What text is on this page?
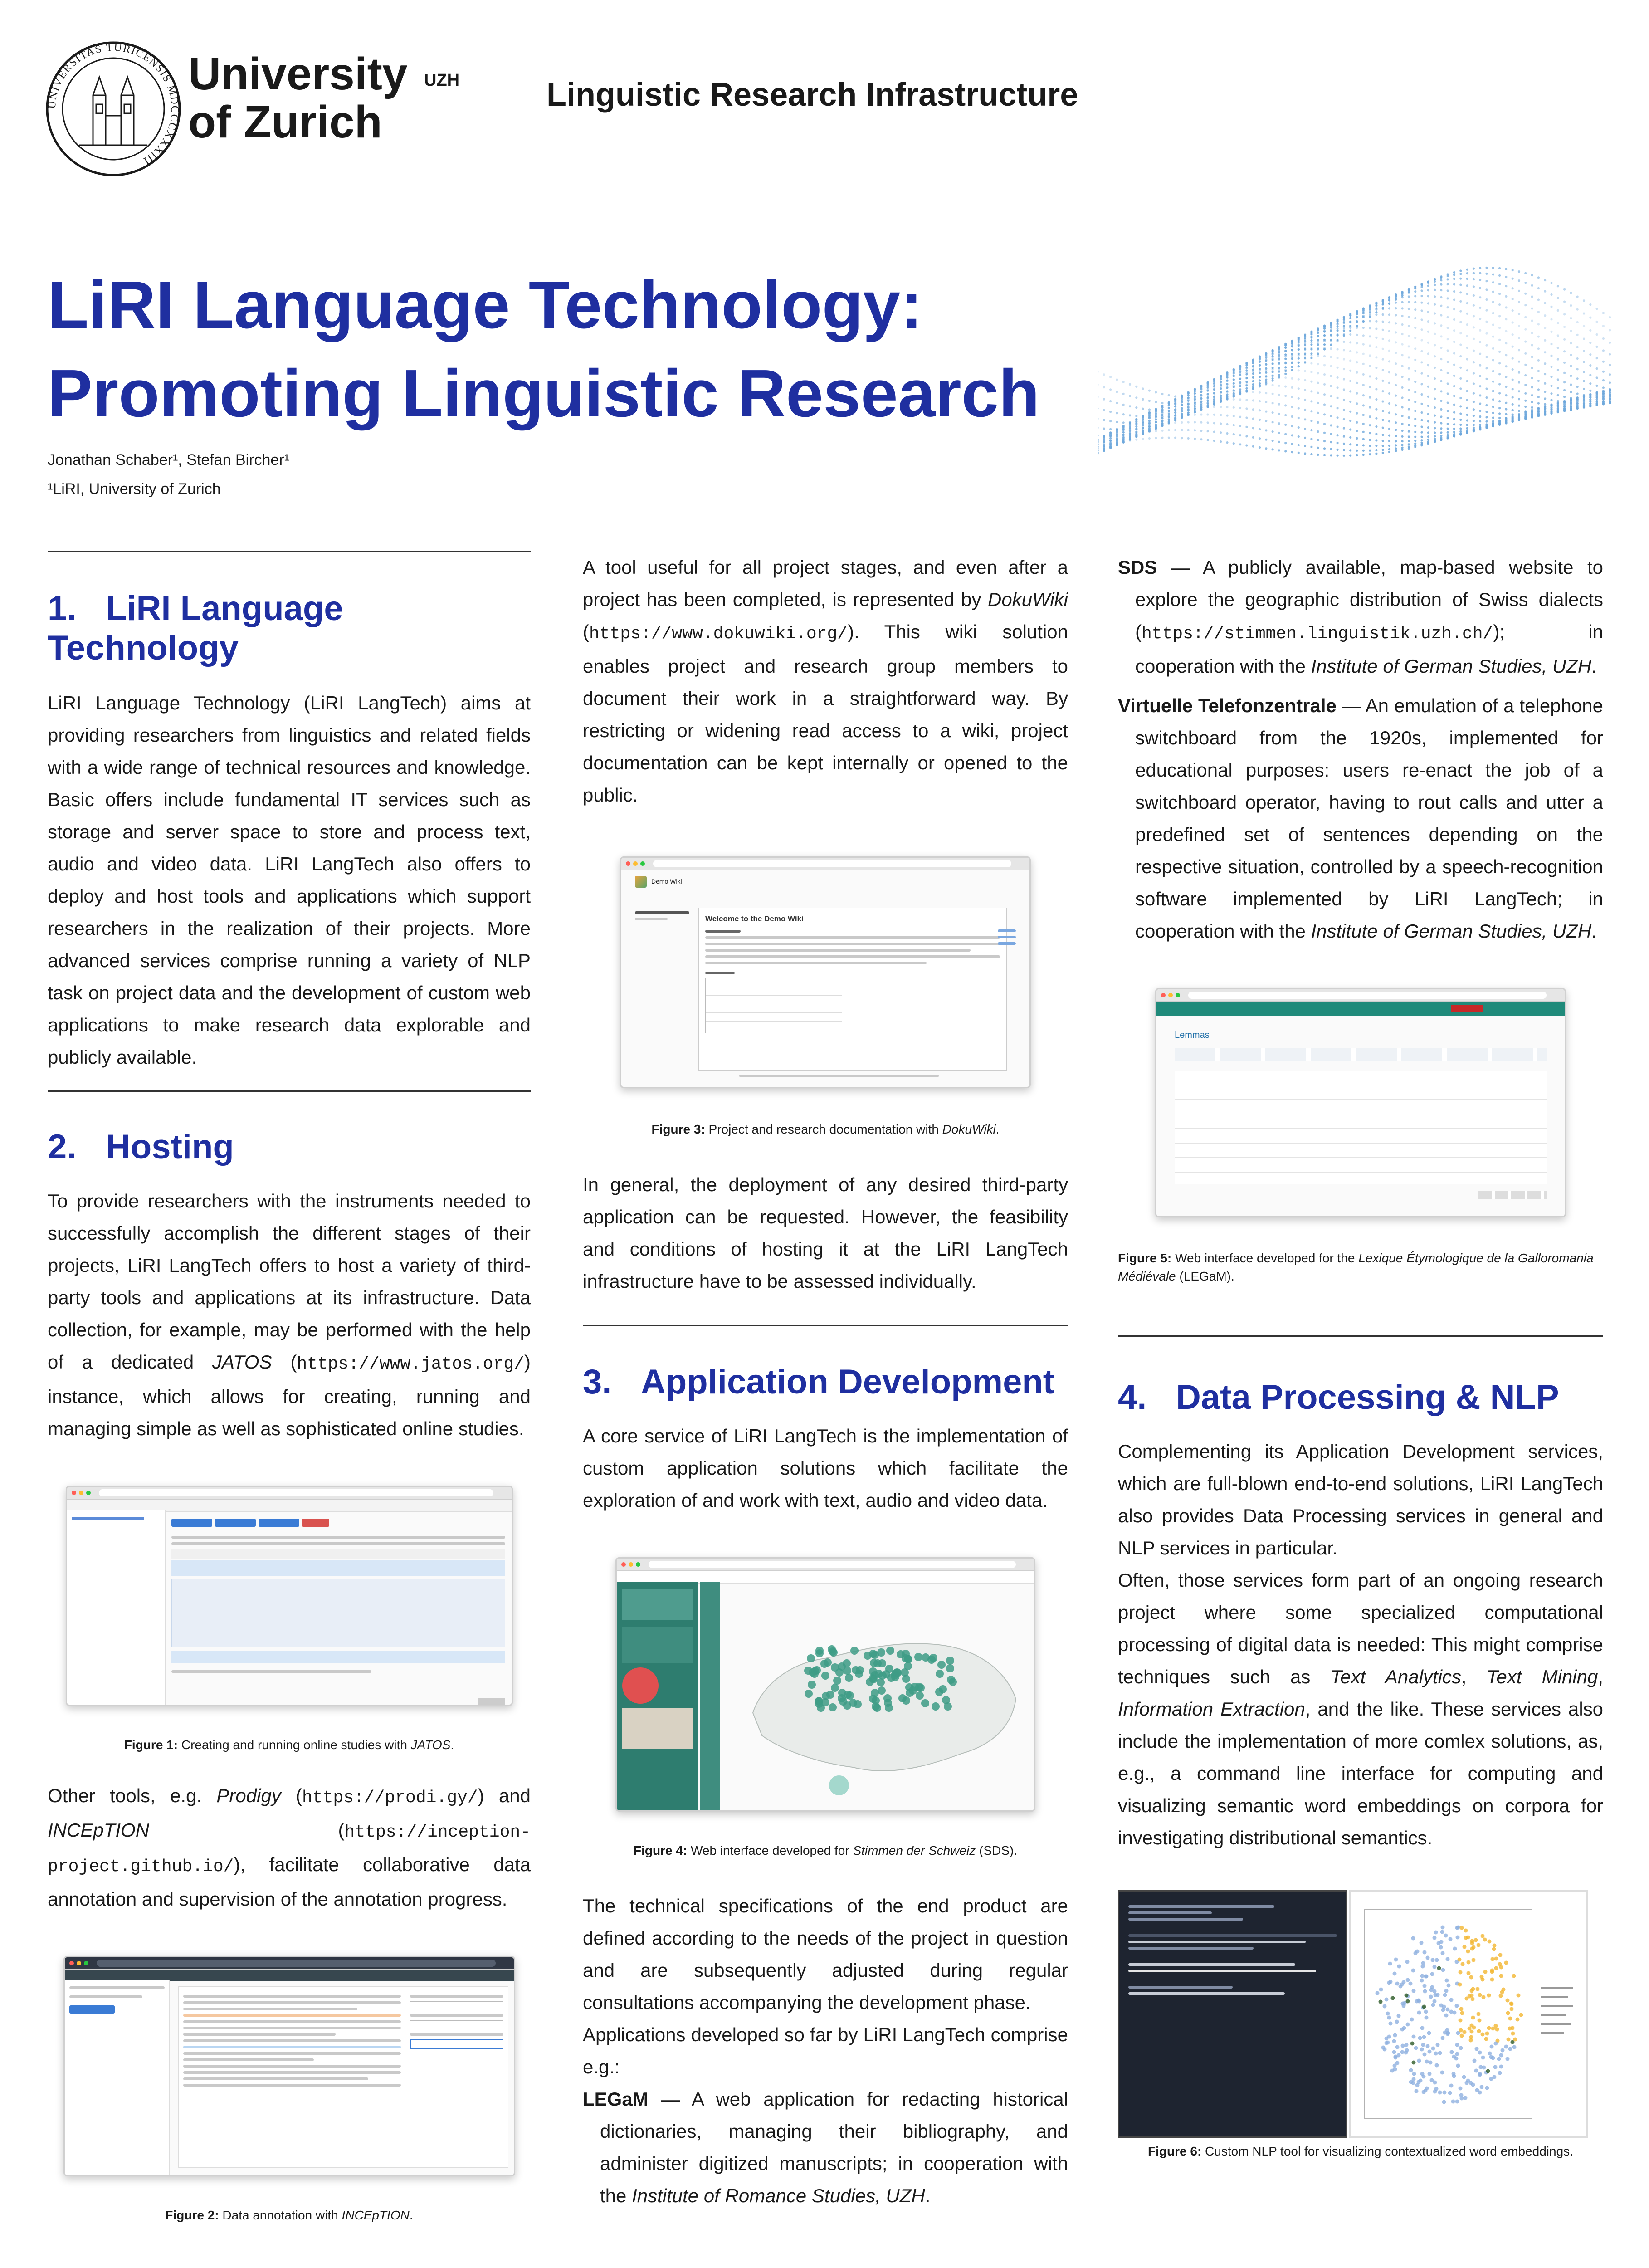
UNIVERSITAS TURICENSIS MDCCCXXXIII
University of Zurich$^{UZH}$	Linguistic Research Infrastructure
LiRI Language Technology:
Promoting Linguistic Research
Jonathan Schaber¹, Stefan Bircher¹
¹LiRI, University of Zurich
1. LiRI Language Technology

LiRI Language Technology (LiRI LangTech) aims at providing researchers from linguistics and related fields with a wide range of technical resources and knowledge. Basic offers include fundamental IT services such as storage and server space to store and process text, audio and video data. LiRI LangTech also offers to deploy and host tools and applications which support researchers in the realization of their projects. More advanced services comprise running a variety of NLP task on project data and the development of custom web applications to make research data explorable and publicly available.

2. Hosting

To provide researchers with the instruments needed to successfully accomplish the different stages of their projects, LiRI LangTech offers to host a variety of third-party tools and applications at its infrastructure. Data collection, for example, may be performed with the help of a dedicated JATOS (https://www.jatos.org/) instance, which allows for creating, running and managing simple as well as sophisticated online studies.

Figure 1: Creating and running online studies with JATOS.

Other tools, e.g. Prodigy (https://prodi.gy/) and INCEpTION (https://inception-project.github.io/), facilitate collaborative data annotation and supervision of the annotation progress.

Figure 2: Data annotation with INCEpTION.

A tool useful for all project stages, and even after a project has been completed, is represented by DokuWiki (https://www.dokuwiki.org/). This wiki solution enables project and research group members to document their work in a straightforward way. By restricting or widening read access to a wiki, project documentation can be kept internally or opened to the public.

Demo Wiki
Welcome to the Demo Wiki

Figure 3: Project and research documentation with DokuWiki.

In general, the deployment of any desired third-party application can be requested. However, the feasibility and conditions of hosting it at the LiRI LangTech infrastructure have to be assessed individually.

3. Application Development

A core service of LiRI LangTech is the implementation of custom application solutions which facilitate the exploration of and work with text, audio and video data.

Figure 4: Web interface developed for Stimmen der Schweiz (SDS).

The technical specifications of the end product are defined according to the needs of the project in question and are subsequently adjusted during regular consultations accompanying the development phase.

Applications developed so far by LiRI LangTech comprise e.g.:

LEGaM — A web application for redacting historical dictionaries, managing their bibliography, and administer digitized manuscripts; in cooperation with the Institute of Romance Studies, UZH.

SDS — A publicly available, map-based website to explore the geographic distribution of Swiss dialects (https://stimmen.linguistik.uzh.ch/); in cooperation with the Institute of German Studies, UZH.

Virtuelle Telefonzentrale — An emulation of a telephone switchboard from the 1920s, implemented for educational purposes: users re-enact the job of a switchboard operator, having to rout calls and utter a predefined set of sentences depending on the respective situation, controlled by a speech-recognition software implemented by LiRI LangTech; in cooperation with the Institute of German Studies, UZH.

Lemmas

Figure 5: Web interface developed for the Lexique Étymologique de la Galloromania Médiévale (LEGaM).

4. Data Processing & NLP

Complementing its Application Development services, which are full-blown end-to-end solutions, LiRI LangTech also provides Data Processing services in general and NLP services in particular.

Often, those services form part of an ongoing research project where some specialized computational processing of digital data is needed: This might comprise techniques such as Text Analytics, Text Mining, Information Extraction, and the like. These services also include the implementation of more comlex solutions, as, e.g., a command line interface for computing and visualizing semantic word embeddings on corpora for investigating distributional semantics.

Figure 6: Custom NLP tool for visualizing contextualized word embeddings.
